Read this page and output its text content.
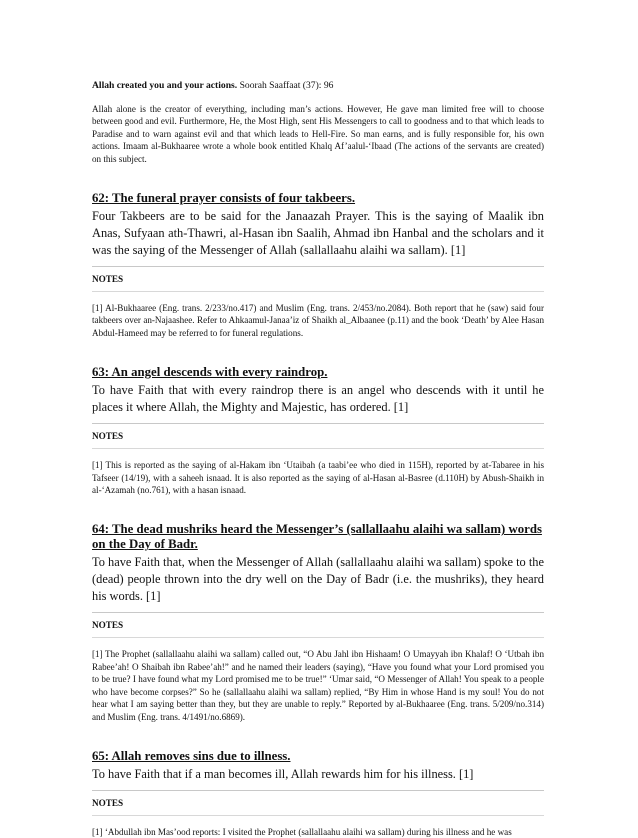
Allah created you and your actions. Soorah Saaffaat (37): 96

Allah alone is the creator of everything, including man’s actions. However, He gave man limited free will to choose between good and evil. Furthermore, He, the Most High, sent His Messengers to call to goodness and to that which leads to Paradise and to warn against evil and that which leads to Hell-Fire. So man earns, and is fully responsible for, his own actions. Imaam al-Bukhaaree wrote a whole book entitled Khalq Af’aalul-‘Ibaad (The actions of the servants are created) on this subject.

62: The funeral prayer consists of four takbeers.

Four Takbeers are to be said for the Janaazah Prayer. This is the saying of Maalik ibn Anas, Sufyaan ath-Thawri, al-Hasan ibn Saalih, Ahmad ibn Hanbal and the scholars and it was the saying of the Messenger of Allah (sallallaahu alaihi wa sallam). [1]

NOTES

[1] Al-Bukhaaree (Eng. trans. 2/233/no.417) and Muslim (Eng. trans. 2/453/no.2084). Both report that he (saw) said four takbeers over an-Najaashee. Refer to Ahkaamul-Janaa’iz of Shaikh al_Albaanee (p.11) and the book ‘Death’ by Alee Hasan Abdul-Hameed may be referred to for funeral regulations.

63: An angel descends with every raindrop.

To have Faith that with every raindrop there is an angel who descends with it until he places it where Allah, the Mighty and Majestic, has ordered. [1]

NOTES

[1] This is reported as the saying of al-Hakam ibn ‘Utaibah (a taabi’ee who died in 115H), reported by at-Tabaree in his Tafseer (14/19), with a saheeh isnaad. It is also reported as the saying of al-Hasan al-Basree (d.110H) by Abush-Shaikh in al-‘Azamah (no.761), with a hasan isnaad.

64: The dead mushriks heard the Messenger’s (sallallaahu alaihi wa sallam) words on the Day of Badr.

To have Faith that, when the Messenger of Allah (sallallaahu alaihi wa sallam) spoke to the (dead) people thrown into the dry well on the Day of Badr (i.e. the mushriks), they heard his words. [1]

NOTES

[1] The Prophet (sallallaahu alaihi wa sallam) called out, “O Abu Jahl ibn Hishaam! O Umayyah ibn Khalaf! O ‘Utbah ibn Rabee’ah! O Shaibah ibn Rabee’ah!” and he named their leaders (saying), “Have you found what your Lord promised you to be true? I have found what my Lord promised me to be true!” ‘Umar said, “O Messenger of Allah! You speak to a people who have become corpses?” So he (sallallaahu alaihi wa sallam) replied, “By Him in whose Hand is my soul! You do not hear what I am saying better than they, but they are unable to reply.” Reported by al-Bukhaaree (Eng. trans. 5/209/no.314) and Muslim (Eng. trans. 4/1491/no.6869).

65: Allah removes sins due to illness.

To have Faith that if a man becomes ill, Allah rewards him for his illness. [1]

NOTES

[1] ‘Abdullah ibn Mas’ood reports: I visited the Prophet (sallallaahu alaihi wa sallam) during his illness and he was
